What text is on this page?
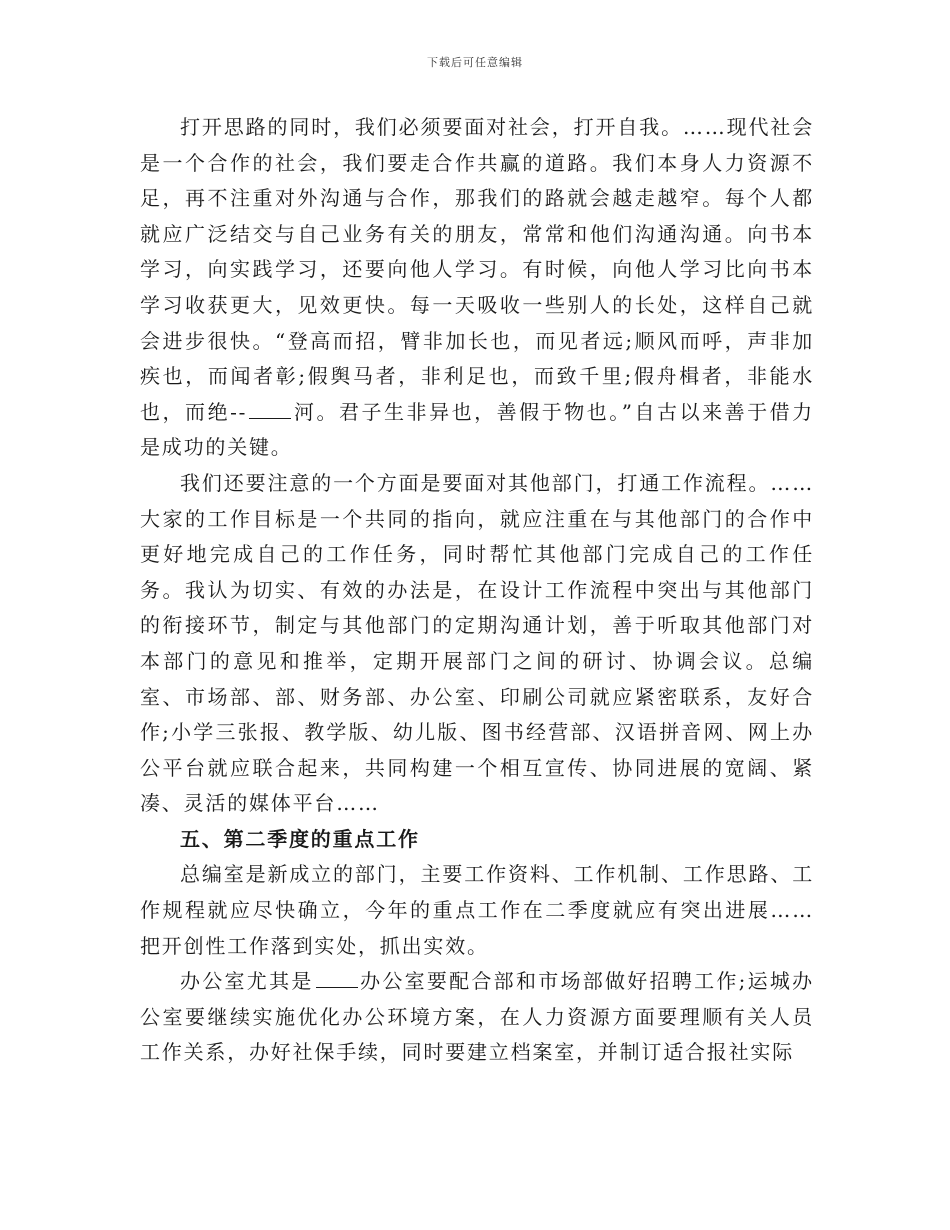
下载后可任意编辑

打开思路的同时，我们必须要面对社会，打开自我。……现代社会是一个合作的社会，我们要走合作共赢的道路。我们本身人力资源不足，再不注重对外沟通与合作，那我们的路就会越走越窄。每个人都就应广泛结交与自己业务有关的朋友，常常和他们沟通沟通。向书本学习，向实践学习，还要向他人学习。有时候，向他人学习比向书本学习收获更大，见效更快。每一天吸收一些别人的长处，这样自己就会进步很快。“登高而招，臂非加长也，而见者远;顺风而呼，声非加疾也，而闻者彰;假舆马者，非利足也，而致千里;假舟楫者，非能水也，而绝-- 河。君子生非异也，善假于物也。”自古以来善于借力是成功的关键。

我们还要注意的一个方面是要面对其他部门，打通工作流程。……大家的工作目标是一个共同的指向，就应注重在与其他部门的合作中更好地完成自己的工作任务，同时帮忙其他部门完成自己的工作任务。我认为切实、有效的办法是，在设计工作流程中突出与其他部门的衔接环节，制定与其他部门的定期沟通计划，善于听取其他部门对本部门的意见和推举，定期开展部门之间的研讨、协调会议。总编室、市场部、部、财务部、办公室、印刷公司就应紧密联系，友好合作;小学三张报、教学版、幼儿版、图书经营部、汉语拼音网、网上办公平台就应联合起来，共同构建一个相互宣传、协同进展的宽阔、紧凑、灵活的媒体平台……

五、第二季度的重点工作

总编室是新成立的部门，主要工作资料、工作机制、工作思路、工作规程就应尽快确立，今年的重点工作在二季度就应有突出进展……把开创性工作落到实处，抓出实效。

办公室尤其是 办公室要配合部和市场部做好招聘工作;运城办公室要继续实施优化办公环境方案，在人力资源方面要理顺有关人员工作关系，办好社保手续，同时要建立档案室，并制订适合报社实际
